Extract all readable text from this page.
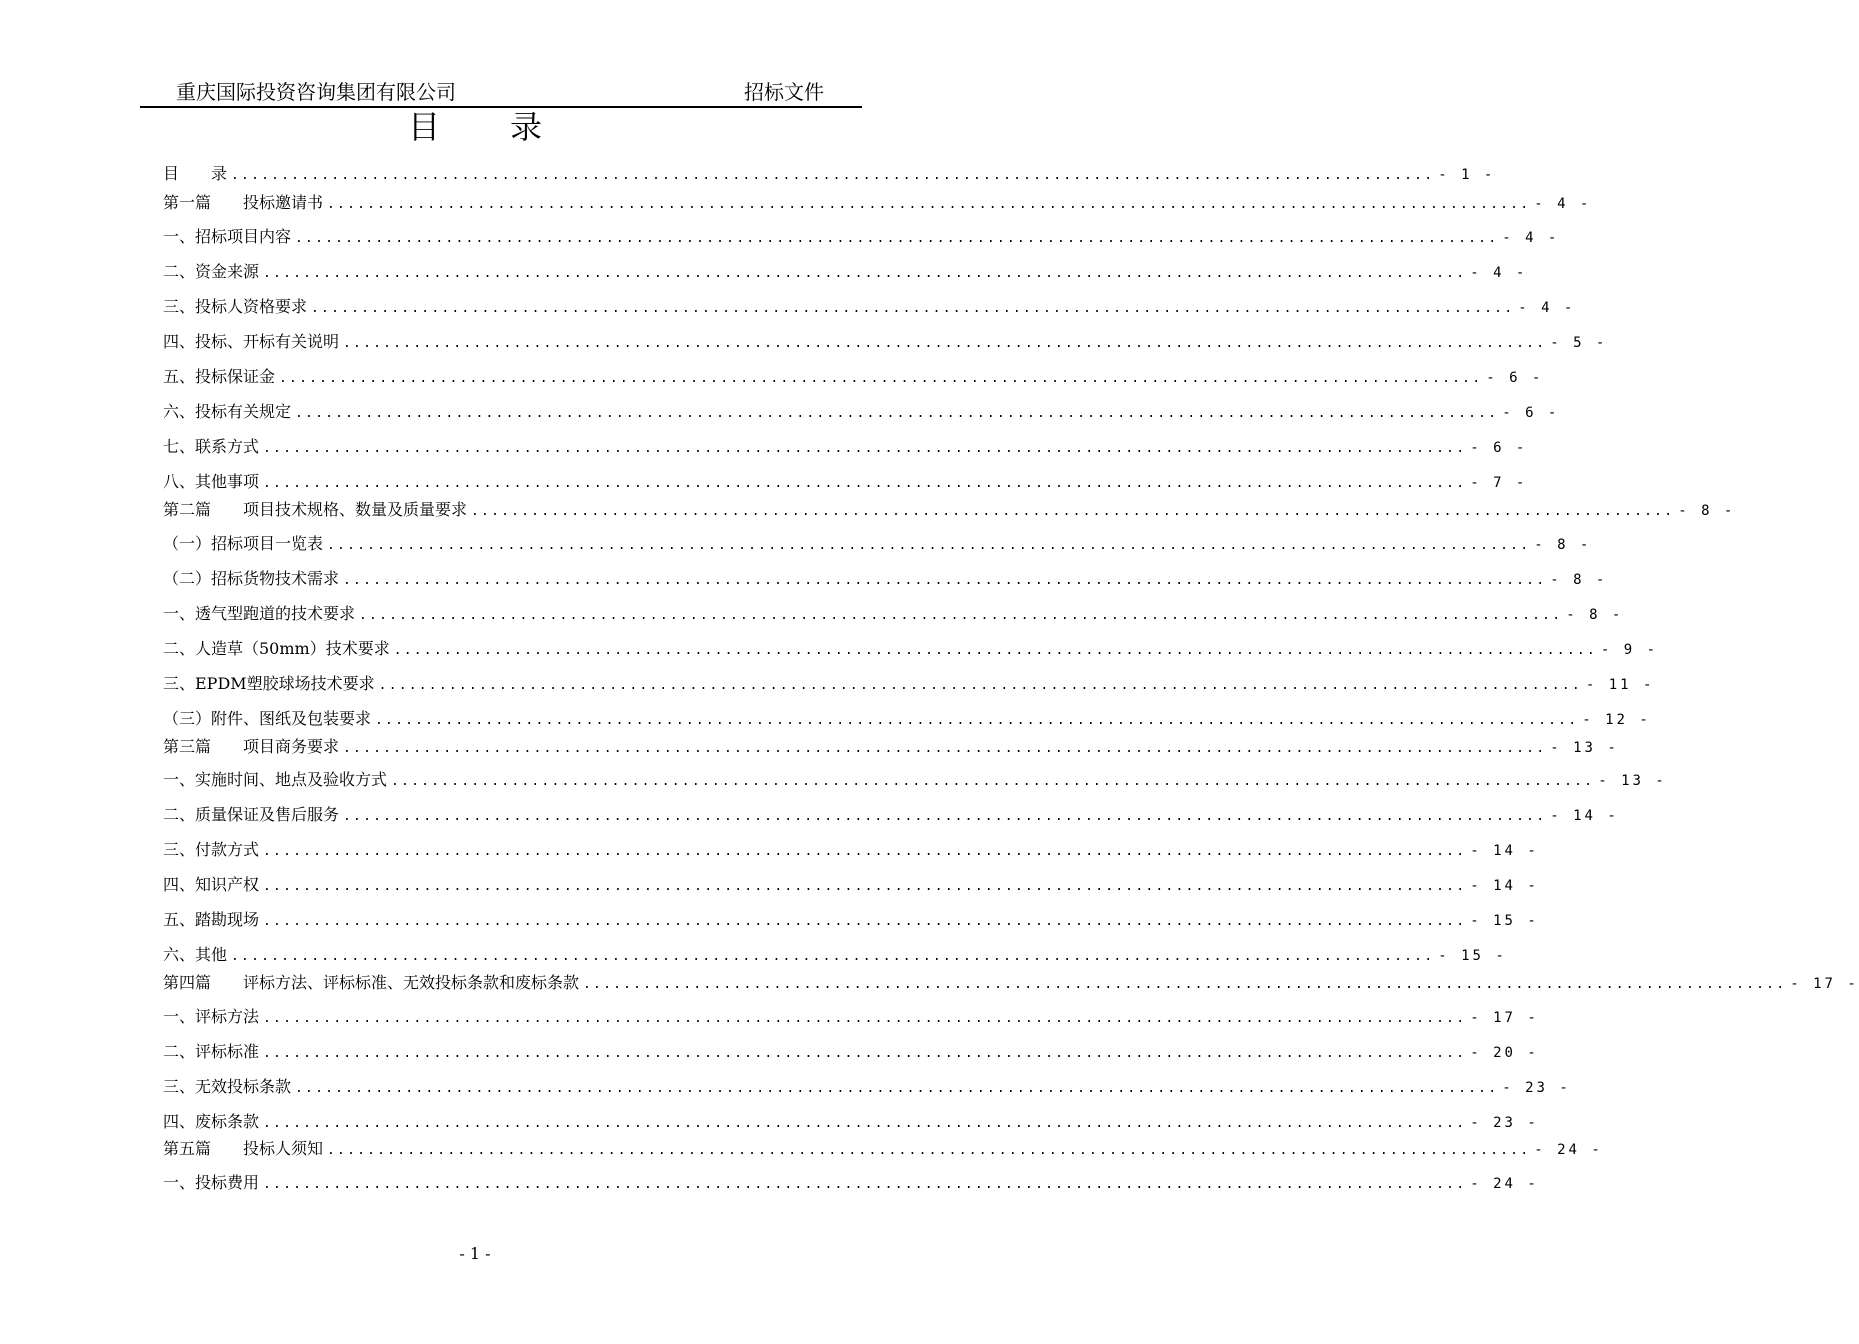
重庆国际投资咨询集团有限公司	招标文件
目录
目　　录 ........................................................................................................................ - 1 -
第一篇　　投标邀请书 ........................................................................................................................ - 4 -
一、招标项目内容 ........................................................................................................................ - 4 -
二、资金来源 ........................................................................................................................ - 4 -
三、投标人资格要求 ........................................................................................................................ - 4 -
四、投标、开标有关说明 ........................................................................................................................ - 5 -
五、投标保证金 ........................................................................................................................ - 6 -
六、投标有关规定 ........................................................................................................................ - 6 -
七、联系方式 ........................................................................................................................ - 6 -
八、其他事项 ........................................................................................................................ - 7 -
第二篇　　项目技术规格、数量及质量要求 ........................................................................................................................ - 8 -
（一）招标项目一览表 ........................................................................................................................ - 8 -
（二）招标货物技术需求 ........................................................................................................................ - 8 -
一、透气型跑道的技术要求 ........................................................................................................................ - 8 -
二、人造草（50mm）技术要求 ........................................................................................................................ - 9 -
三、EPDM塑胶球场技术要求 ........................................................................................................................ - 11 -
（三）附件、图纸及包装要求 ........................................................................................................................ - 12 -
第三篇　　项目商务要求 ........................................................................................................................ - 13 -
一、实施时间、地点及验收方式 ........................................................................................................................ - 13 -
二、质量保证及售后服务 ........................................................................................................................ - 14 -
三、付款方式 ........................................................................................................................ - 14 -
四、知识产权 ........................................................................................................................ - 14 -
五、踏勘现场 ........................................................................................................................ - 15 -
六、其他 ........................................................................................................................ - 15 -
第四篇　　评标方法、评标标准、无效投标条款和废标条款 ........................................................................................................................ - 17 -
一、评标方法 ........................................................................................................................ - 17 -
二、评标标准 ........................................................................................................................ - 20 -
三、无效投标条款 ........................................................................................................................ - 23 -
四、废标条款 ........................................................................................................................ - 23 -
第五篇　　投标人须知 ........................................................................................................................ - 24 -
一、投标费用 ........................................................................................................................ - 24 -
- 1 -
